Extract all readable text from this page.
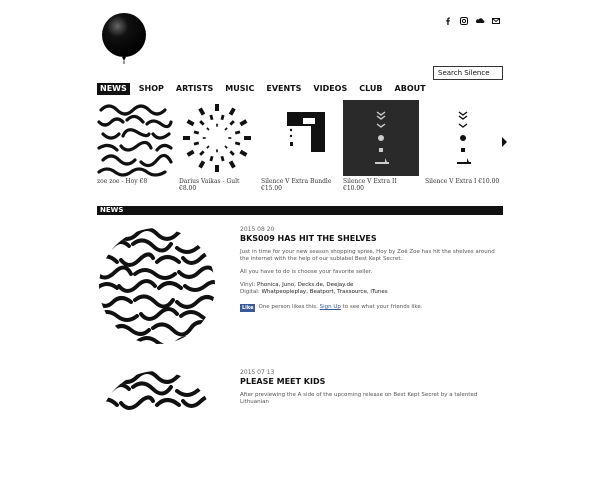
Search Silence
NEWS	SHOP	ARTISTS	MUSIC	EVENTS	VIDEOS	CLUB	ABOUT
zoe zoe - Hoy €8	Darius Vaikas - Gult €8.00
Silence V Extra Bundle €15.00
Silence V Extra II €10.00
Silence V Extra I €10.00
NEWS
2015 08 20
BKS009 HAS HIT THE SHELVES

Just in time for your new season shopping spree, Hoy by Zoë Zoe has hit the shelves around the internet with the help of our sublabel Best Kept Secret.

All you have to do is choose your favorite seller.

Vinyl: Phonica, Juno, Decks.de, Deejay.de
Digital: Whatpeopleplay, Beatport, Traxsource, iTunes
Like One person likes this. Sign Up to see what your friends like.
2015 07 13
PLEASE MEET KIDS

After previewing the A side of the upcoming release on Best Kept Secret by a talented Lithuanian
